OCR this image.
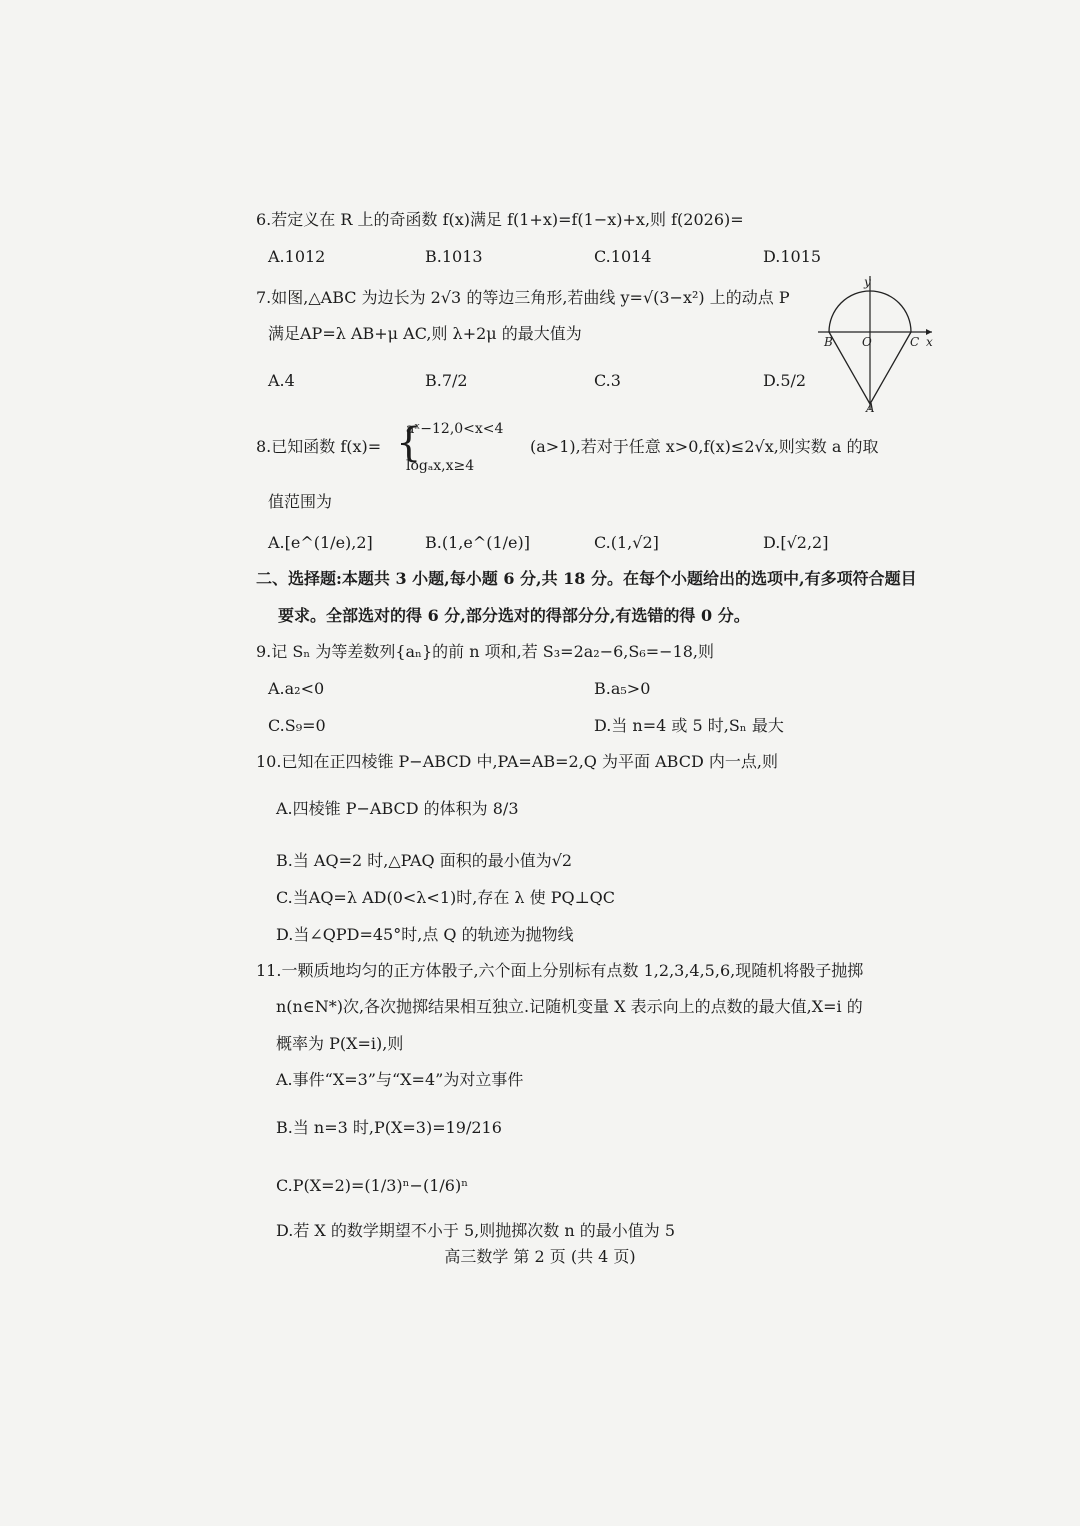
6.若定义在 R 上的奇函数 f(x)满足 f(1+x)=f(1−x)+x,则 f(2026)=
A.1012	B.1013	C.1014	D.1015
7.如图,△ABC 为边长为 2√3 的等边三角形,若曲线 y=√(3−x²) 上的动点 P
满足AP=λ AB+μ AC,则 λ+2μ 的最大值为
A.4	B.7/2	C.3	D.5/2
y
x
B O	C
A
8.已知函数 f(x)= {
aˣ−12,0<x<4
logₐx,x≥4
(a>1),若对于任意 x>0,f(x)≤2√x,则实数 a 的取
值范围为
A.[e^(1/e),2]	B.(1,e^(1/e)]	C.(1,√2]	D.[√2,2]
二、选择题:本题共 3 小题,每小题 6 分,共 18 分。在每个小题给出的选项中,有多项符合题目
要求。全部选对的得 6 分,部分选对的得部分分,有选错的得 0 分。
9.记 Sₙ 为等差数列{aₙ}的前 n 项和,若 S₃=2a₂−6,S₆=−18,则
A.a₂<0	B.a₅>0
C.S₉=0	D.当 n=4 或 5 时,Sₙ 最大
10.已知在正四棱锥 P−ABCD 中,PA=AB=2,Q 为平面 ABCD 内一点,则
A.四棱锥 P−ABCD 的体积为 8/3
B.当 AQ=2 时,△PAQ 面积的最小值为√2
C.当AQ=λ AD(0<λ<1)时,存在 λ 使 PQ⊥QC
D.当∠QPD=45°时,点 Q 的轨迹为抛物线
11.一颗质地均匀的正方体骰子,六个面上分别标有点数 1,2,3,4,5,6,现随机将骰子抛掷
n(n∈N*)次,各次抛掷结果相互独立.记随机变量 X 表示向上的点数的最大值,X=i 的
概率为 P(X=i),则
A.事件“X=3”与“X=4”为对立事件
B.当 n=3 时,P(X=3)=19/216
C.P(X=2)=(1/3)ⁿ−(1/6)ⁿ
D.若 X 的数学期望不小于 5,则抛掷次数 n 的最小值为 5
高三数学 第 2 页 (共 4 页)
